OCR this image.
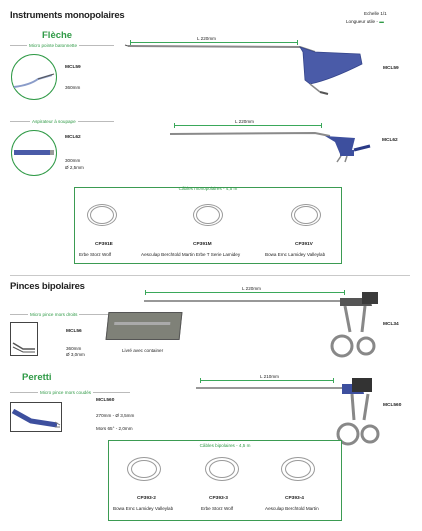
Instruments monopolaires	Echelle 1/1
Longueur utile - ▬
Flèche
Micro pointe baïonnette
MCL59
360mm
L 220mm
MCL59
Aspirateur à soupape
MCL62
300mm
Ø 2,5mm
L 220mm
MCL62
Câbles monopolaires - 4,5 m
CP391E
Erbe Storz Wolf
CP391M
Aesculap Berchtold Martin Erbe T Serie Lamidey
CP391V
Bowa Emc Lamidey Valleylab
Pinces bipolaires
Micro pince mors droits
MCL56
360mm
Ø 3,0mm
Livré avec container
L 220mm
MCL34
Peretti
Micro pince mors coudés
MCL560
270mm - Ø 3,5mm
Mors 65° - 2,0mm
L 210mm
MCL560
Câbles bipolaires - 4,5 m
CP393-2
Bowa Emc Lamidey Valleylab
CP393-3
Erbe Storz Wolf
CP393-4
Aesculap Berchtold Martin
